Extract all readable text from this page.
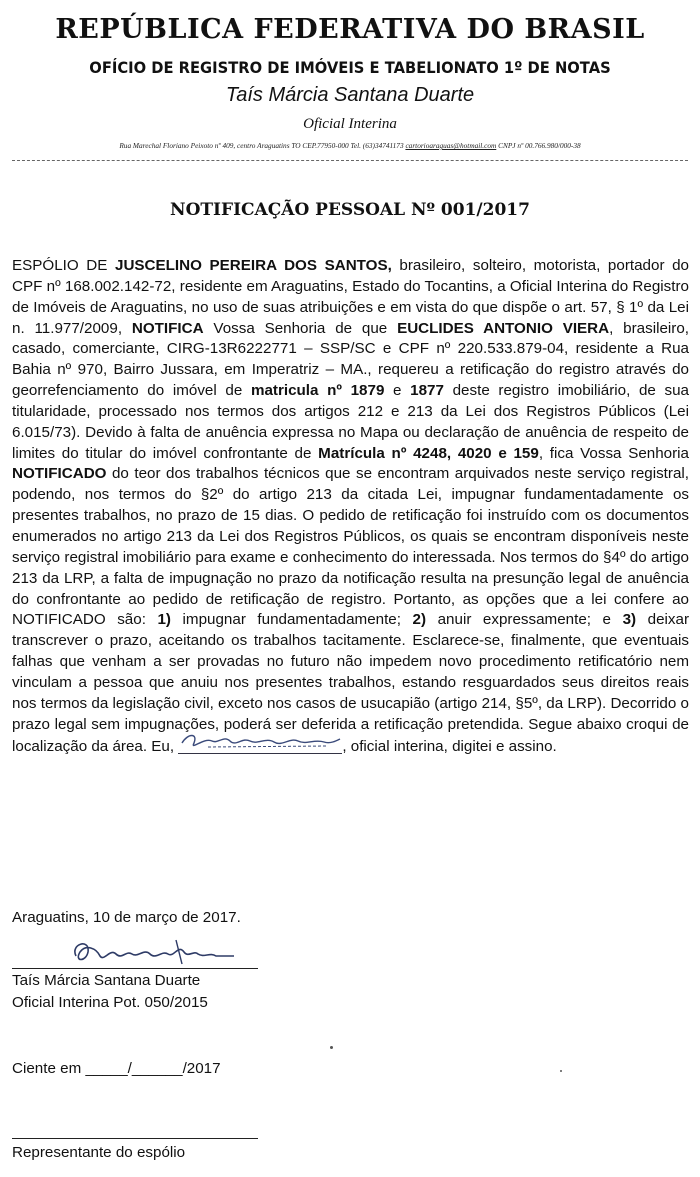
REPÚBLICA FEDERATIVA DO BRASIL
OFÍCIO DE REGISTRO DE IMÓVEIS E TABELIONATO 1º DE NOTAS
Taís Márcia Santana Duarte
Oficial Interina
Rua Marechal Floriano Peixoto nº 409, centro Araguatins TO CEP.77950-000 Tel. (63)34741173 cartorioaraguas@hotmail.com CNPJ nº 00.766.980/000-38
NOTIFICAÇÃO PESSOAL Nº 001/2017

ESPÓLIO DE JUSCELINO PEREIRA DOS SANTOS, brasileiro, solteiro, motorista, portador do CPF nº 168.002.142-72, residente em Araguatins, Estado do Tocantins, a Oficial Interina do Registro de Imóveis de Araguatins, no uso de suas atribuições e em vista do que dispõe o art. 57, § 1º da Lei n. 11.977/2009, NOTIFICA Vossa Senhoria de que EUCLIDES ANTONIO VIERA, brasileiro, casado, comerciante, CIRG-13R6222771 – SSP/SC e CPF nº 220.533.879-04, residente a Rua Bahia nº 970, Bairro Jussara, em Imperatriz – MA., requereu a retificação do registro através do georrefenciamento do imóvel de matricula nº 1879 e 1877 deste registro imobiliário, de sua titularidade, processado nos termos dos artigos 212 e 213 da Lei dos Registros Públicos (Lei 6.015/73). Devido à falta de anuência expressa no Mapa ou declaração de anuência de respeito de limites do titular do imóvel confrontante de Matrícula nº 4248, 4020 e 159, fica Vossa Senhoria NOTIFICADO do teor dos trabalhos técnicos que se encontram arquivados neste serviço registral, podendo, nos termos do §2º do artigo 213 da citada Lei, impugnar fundamentadamente os presentes trabalhos, no prazo de 15 dias. O pedido de retificação foi instruído com os documentos enumerados no artigo 213 da Lei dos Registros Públicos, os quais se encontram disponíveis neste serviço registral imobiliário para exame e conhecimento do interessada. Nos termos do §4º do artigo 213 da LRP, a falta de impugnação no prazo da notificação resulta na presunção legal de anuência do confrontante ao pedido de retificação de registro. Portanto, as opções que a lei confere ao NOTIFICADO são: 1) impugnar fundamentadamente; 2) anuir expressamente; e 3) deixar transcrever o prazo, aceitando os trabalhos tacitamente. Esclarece-se, finalmente, que eventuais falhas que venham a ser provadas no futuro não impedem novo procedimento retificatório nem vinculam a pessoa que anuiu nos presentes trabalhos, estando resguardados seus direitos reais nos termos da legislação civil, exceto nos casos de usucapião (artigo 214, §5º, da LRP). Decorrido o prazo legal sem impugnações, poderá ser deferida a retificação pretendida. Segue abaixo croqui de localização da área. Eu,	, oficial interina, digitei e assino.

Araguatins, 10 de março de 2017.
Taís Márcia Santana Duarte
Oficial Interina Pot. 050/2015
Ciente em _____/______/2017
Representante do espólio
